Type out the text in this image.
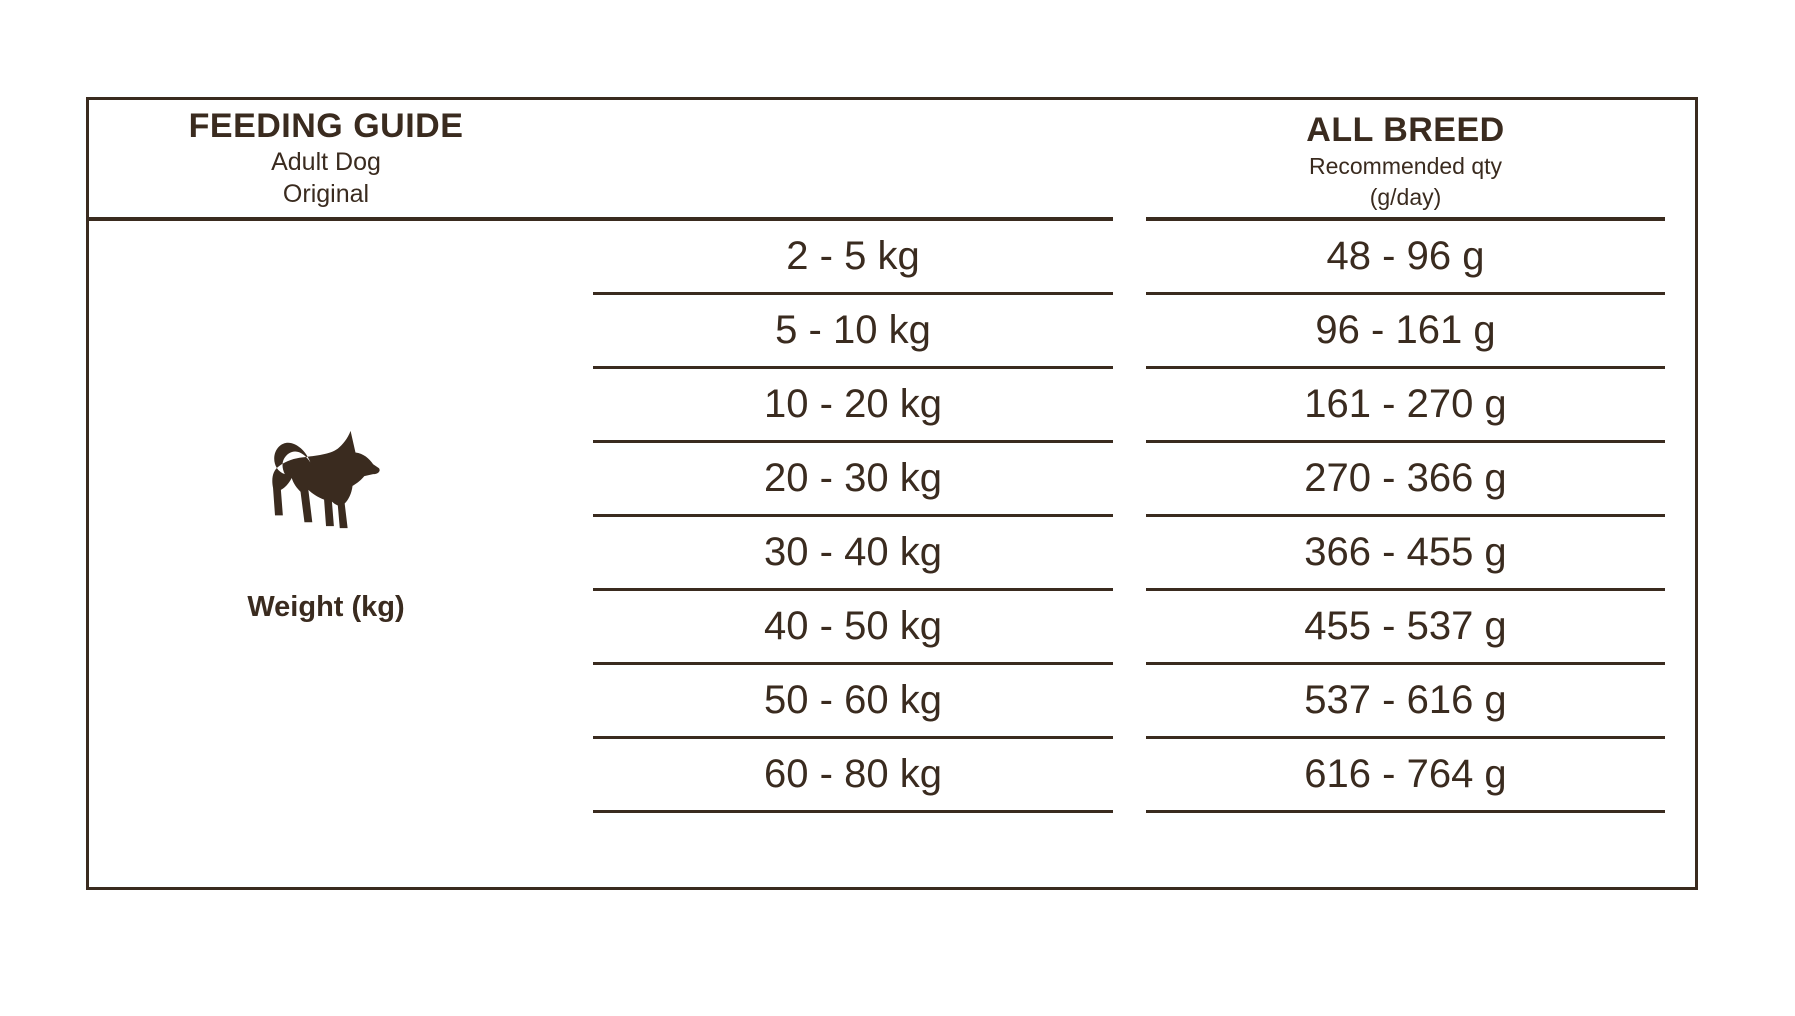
FEEDING GUIDE
Adult Dog
Original
ALL BREED
Recommended qty
(g/day)
Weight (kg)
2 - 5 kg	48 - 96 g
5 - 10 kg	96 - 161 g
10 - 20 kg	161 - 270 g
20 - 30 kg	270 - 366 g
30 - 40 kg	366 - 455 g
40 - 50 kg	455 - 537 g
50 - 60 kg	537 - 616 g
60 - 80 kg	616 - 764 g
